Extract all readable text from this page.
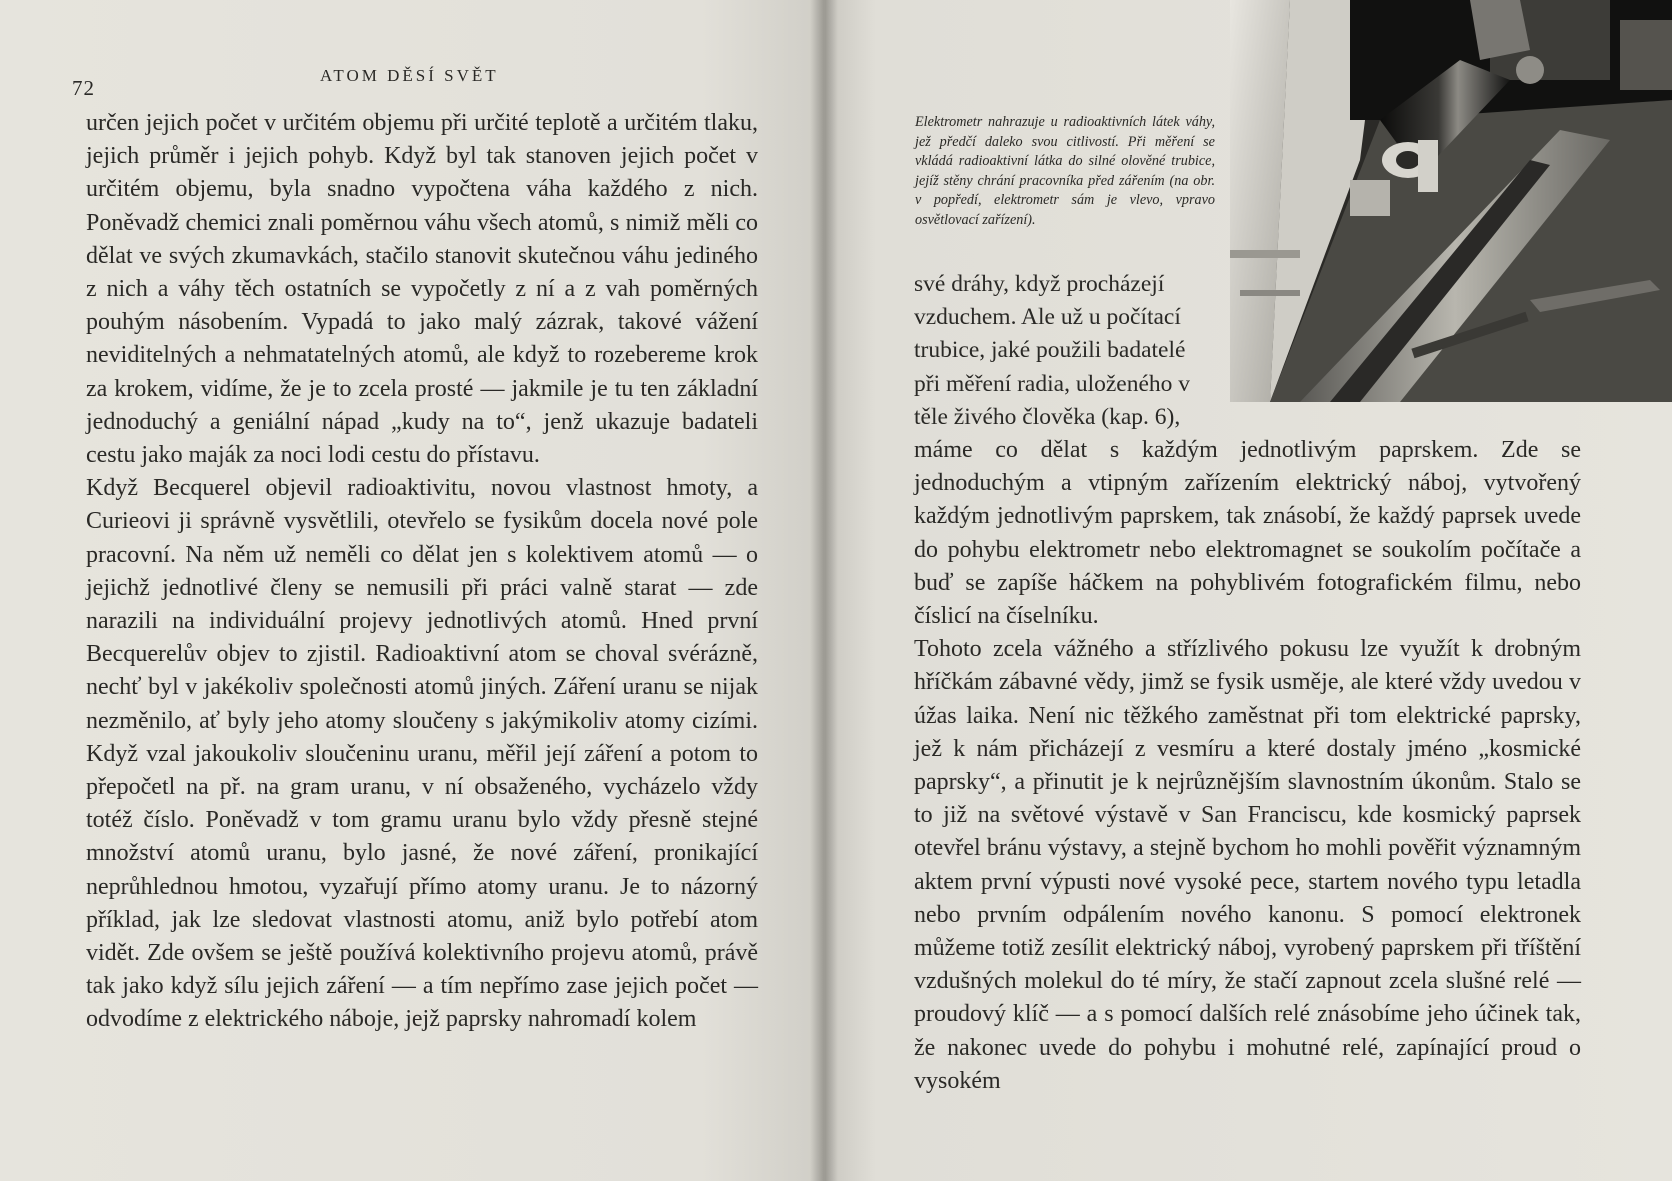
72
ATOM DĚSÍ SVĚT

určen jejich počet v určitém objemu při určité teplotě a určitém tlaku, jejich průměr i jejich pohyb. Když byl tak stanoven jejich počet v určitém objemu, byla snadno vypočtena váha každého z nich. Poněvadž chemici znali poměrnou váhu všech atomů, s nimiž měli co dělat ve svých zkumavkách, stačilo stanovit skutečnou váhu jediného z nich a váhy těch ostatních se vypočetly z ní a z vah poměrných pouhým násobením. Vypadá to jako malý zázrak, takové vážení neviditelných a nehmatatelných atomů, ale když to rozebereme krok za krokem, vidíme, že je to zcela prosté — jakmile je tu ten základní jednoduchý a geniální nápad „kudy na to“, jenž ukazuje badateli cestu jako maják za noci lodi cestu do přístavu.

Když Becquerel objevil radioaktivitu, novou vlastnost hmoty, a Curieovi ji správně vysvětlili, otevřelo se fysikům docela nové pole pracovní. Na něm už neměli co dělat jen s kolektivem atomů — o jejichž jednotlivé členy se nemusili při práci valně starat — zde narazili na individuální projevy jednotlivých atomů. Hned první Becquerelův objev to zjistil. Radioaktivní atom se choval svérázně, nechť byl v jakékoliv společnosti atomů jiných. Záření uranu se nijak nezměnilo, ať byly jeho atomy sloučeny s jakýmikoliv atomy cizími. Když vzal jakoukoliv sloučeninu uranu, měřil její záření a potom to přepočetl na př. na gram uranu, v ní obsaženého, vycházelo vždy totéž číslo. Poněvadž v tom gramu uranu bylo vždy přesně stejné množství atomů uranu, bylo jasné, že nové záření, pronikající neprůhlednou hmotou, vyzařují přímo atomy uranu. Je to názorný příklad, jak lze sledovat vlastnosti atomu, aniž bylo potřebí atom vidět. Zde ovšem se ještě používá kolektivního projevu atomů, právě tak jako když sílu jejich záření — a tím nepřímo zase jejich počet — odvodíme z elektrického náboje, jejž paprsky nahromadí kolem

Elektrometr nahrazuje u radioaktivních látek váhy, jež předčí daleko svou citlivostí. Při měření se vkládá radioaktivní látka do silné olověné trubice, jejíž stěny chrání pracovníka před zářením (na obr. v popředí, elektrometr sám je vlevo, vpravo osvětlovací zařízení).

své dráhy, když procházejí vzduchem. Ale už u počítací trubice, jaké použili badatelé při měření radia, uloženého v těle živého člověka (kap. 6),

máme co dělat s každým jednotlivým paprskem. Zde se jednoduchým a vtipným zařízením elektrický náboj, vytvořený každým jednotlivým paprskem, tak znásobí, že každý paprsek uvede do pohybu elektrometr nebo elektromagnet se soukolím počítače a buď se zapíše háčkem na pohyblivém fotografickém filmu, nebo číslicí na číselníku.

Tohoto zcela vážného a střízlivého pokusu lze využít k drobným hříčkám zábavné vědy, jimž se fysik usměje, ale které vždy uvedou v úžas laika. Není nic těžkého zaměstnat při tom elektrické paprsky, jež k nám přicházejí z vesmíru a které dostaly jméno „kosmické paprsky“, a přinutit je k nejrůznějším slavnostním úkonům. Stalo se to již na světové výstavě v San Franciscu, kde kosmický paprsek otevřel bránu výstavy, a stejně bychom ho mohli pověřit významným aktem první výpusti nové vysoké pece, startem nového typu letadla nebo prvním odpálením nového kanonu. S pomocí elektronek můžeme totiž zesílit elektrický náboj, vyrobený paprskem při tříštění vzdušných molekul do té míry, že stačí zapnout zcela slušné relé — proudový klíč — a s pomocí dalších relé znásobíme jeho účinek tak, že nakonec uvede do pohybu i mohutné relé, zapínající proud o vysokém
